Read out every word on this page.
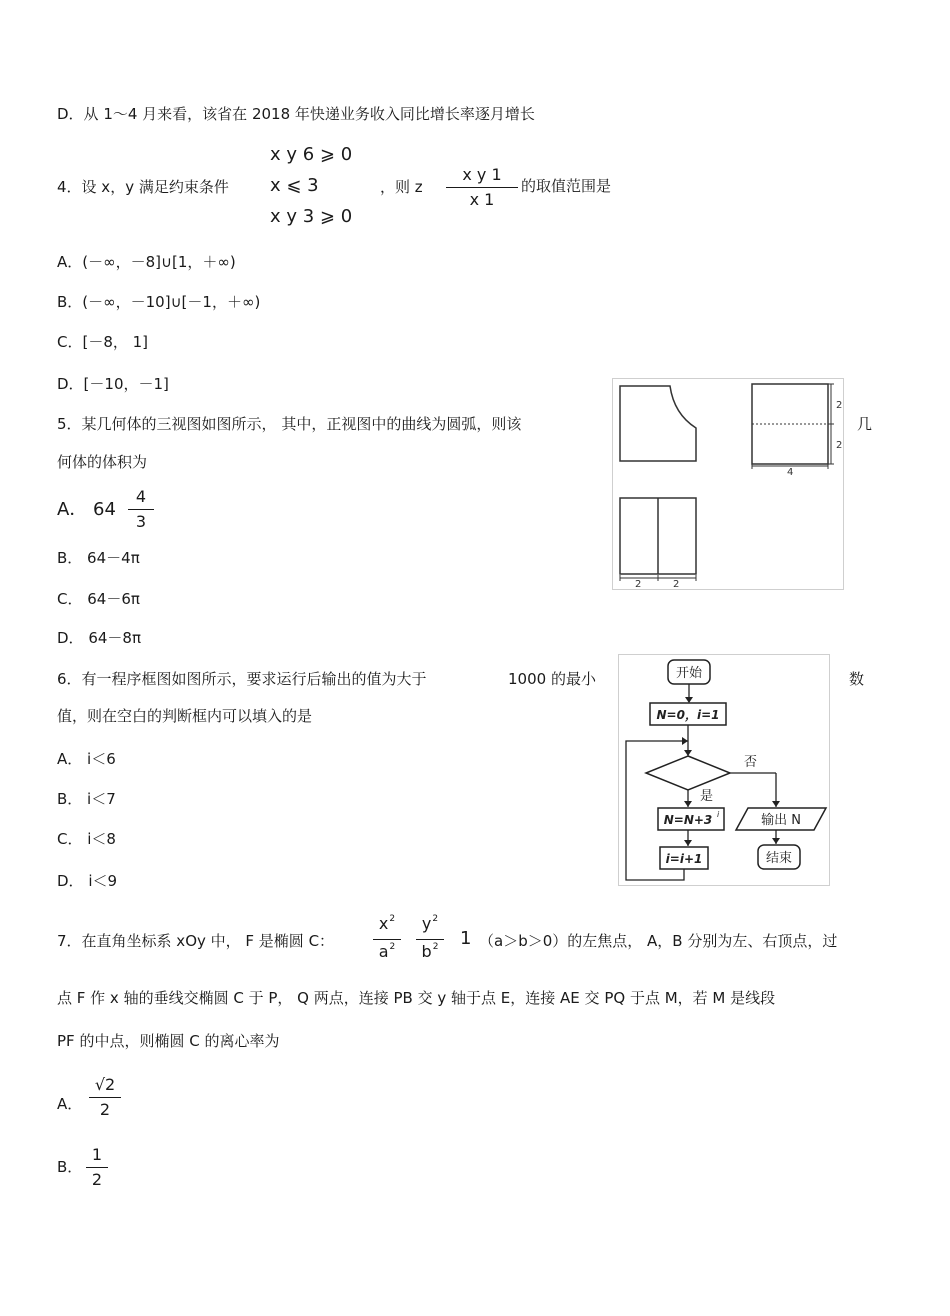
D．从 1～4 月来看，该省在 2018 年快递业务收入同比增长率逐月增长
4．设 x，y 满足约束条件
x y 6 ⩾ 0
x ⩽ 3
x y 3 ⩾ 0
，则 z
x y 1
x 1
的取值范围是
A．(－∞，－8]∪[1，＋∞)
B．(－∞，－10]∪[－1，＋∞)
C．[－8， 1]
D．[－10，－1]
5．某几何体的三视图如图所示， 其中，正视图中的曲线为圆弧，则该	几
何体的体积为
A． 64
4
3
B． 64－4π
C． 64－6π
D． 64－8π
2
2
4
2	2
6．有一程序框图如图所示，要求运行后输出的值为大于	1000 的最小	数
值，则在空白的判断框内可以填入的是
A． i＜6
B． i＜7
C． i＜8
D． i＜9
开始
N=0，i=1
否
是
N=N+3 i	输出 N
i=i+1	结束
7．在直角坐标系 xOy 中， F 是椭圆 C：
$x^2$
$a^2$
$y^2$
$b^2$	1 （a＞b＞0）的左焦点， A，B 分别为左、右顶点，过
点 F 作 x 轴的垂线交椭圆 C 于 P， Q 两点，连接 PB 交 y 轴于点 E，连接 AE 交 PQ 于点 M，若 M 是线段
PF 的中点，则椭圆 C 的离心率为
A．
√2
2
B．
1
2
